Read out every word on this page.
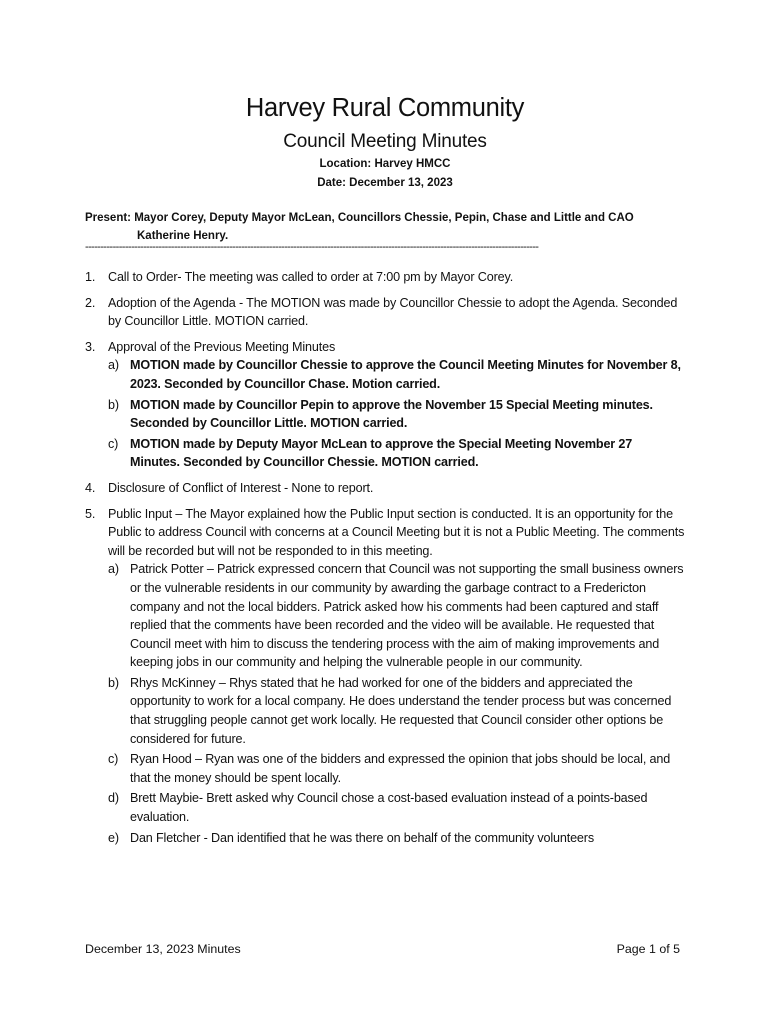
Harvey Rural Community
Council Meeting Minutes
Location: Harvey HMCC
Date: December 13, 2023
Present: Mayor Corey, Deputy Mayor McLean, Councillors Chessie, Pepin, Chase and Little and CAO
Katherine Henry.
----------------------------------------------------------------------------------------------------------------------------------------------------
1. Call to Order- The meeting was called to order at 7:00 pm by Mayor Corey.
2. Adoption of the Agenda - The MOTION was made by Councillor Chessie to adopt the Agenda. Seconded by Councillor Little. MOTION carried.
3. Approval of the Previous Meeting Minutes
a) MOTION made by Councillor Chessie to approve the Council Meeting Minutes for November 8, 2023. Seconded by Councillor Chase. Motion carried.
b) MOTION made by Councillor Pepin to approve the November 15 Special Meeting minutes. Seconded by Councillor Little. MOTION carried.
c) MOTION made by Deputy Mayor McLean to approve the Special Meeting November 27 Minutes. Seconded by Councillor Chessie. MOTION carried.
4. Disclosure of Conflict of Interest - None to report.
5. Public Input – The Mayor explained how the Public Input section is conducted. It is an opportunity for the Public to address Council with concerns at a Council Meeting but it is not a Public Meeting. The comments will be recorded but will not be responded to in this meeting.
a) Patrick Potter – Patrick expressed concern that Council was not supporting the small business owners or the vulnerable residents in our community by awarding the garbage contract to a Fredericton company and not the local bidders. Patrick asked how his comments had been captured and staff replied that the comments have been recorded and the video will be available. He requested that Council meet with him to discuss the tendering process with the aim of making improvements and keeping jobs in our community and helping the vulnerable people in our community.
b) Rhys McKinney – Rhys stated that he had worked for one of the bidders and appreciated the opportunity to work for a local company. He does understand the tender process but was concerned that struggling people cannot get work locally. He requested that Council consider other options be considered for future.
c) Ryan Hood – Ryan was one of the bidders and expressed the opinion that jobs should be local, and that the money should be spent locally.
d) Brett Maybie- Brett asked why Council chose a cost-based evaluation instead of a points-based evaluation.
e) Dan Fletcher - Dan identified that he was there on behalf of the community volunteers
December 13, 2023 Minutes	Page 1 of 5
